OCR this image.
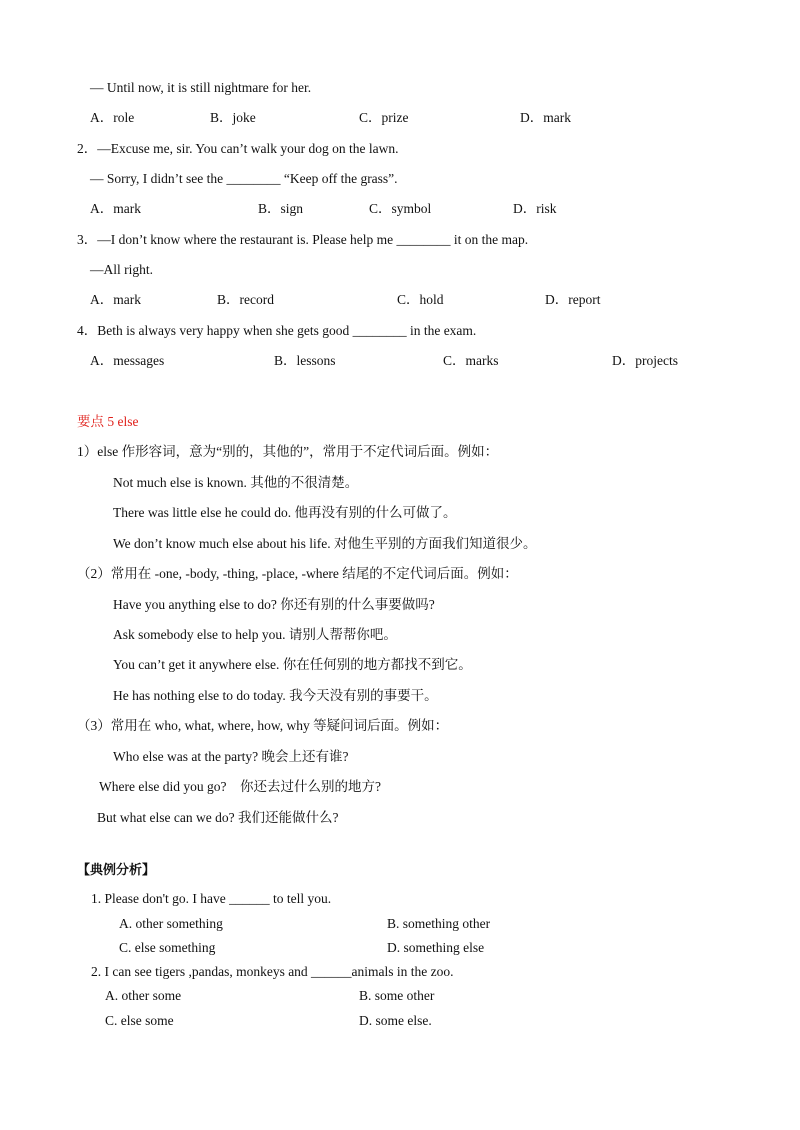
— Until now, it is still nightmare for her.
A．role	B．joke	C．prize	D．mark
2．—Excuse me, sir. You can’t walk your dog on the lawn.
— Sorry, I didn’t see the ________ “Keep off the grass”.
A．mark	B．sign	C．symbol	D．risk
3．—I don’t know where the restaurant is. Please help me ________ it on the map.
—All right.
A．mark	B．record	C．hold	D．report
4．Beth is always very happy when she gets good ________ in the exam.
A．messages	B．lessons	C．marks	D．projects
要点 5 else
1）else 作形容词，意为“别的，其他的”，常用于不定代词后面。例如：
Not much else is known. 其他的不很清楚。
There was little else he could do. 他再没有别的什么可做了。
We don’t know much else about his life. 对他生平别的方面我们知道很少。
（2）常用在 -one, -body, -thing, -place, -where 结尾的不定代词后面。例如：
Have you anything else to do? 你还有别的什么事要做吗?
Ask somebody else to help you. 请别人帮帮你吧。
You can’t get it anywhere else. 你在任何别的地方都找不到它。
He has nothing else to do today. 我今天没有别的事要干。
（3）常用在 who, what, where, how, why 等疑问词后面。例如：
Who else was at the party? 晚会上还有谁?
Where else did you go?    你还去过什么别的地方?
But what else can we do? 我们还能做什么?
【典例分析】
1. Please don't go. I have ______ to tell you.
A. other something	B. something other
C. else something	D. something else
2. I can see tigers ,pandas, monkeys and ______animals in the zoo.
A. other some	B. some other
C. else some	D. some else.
